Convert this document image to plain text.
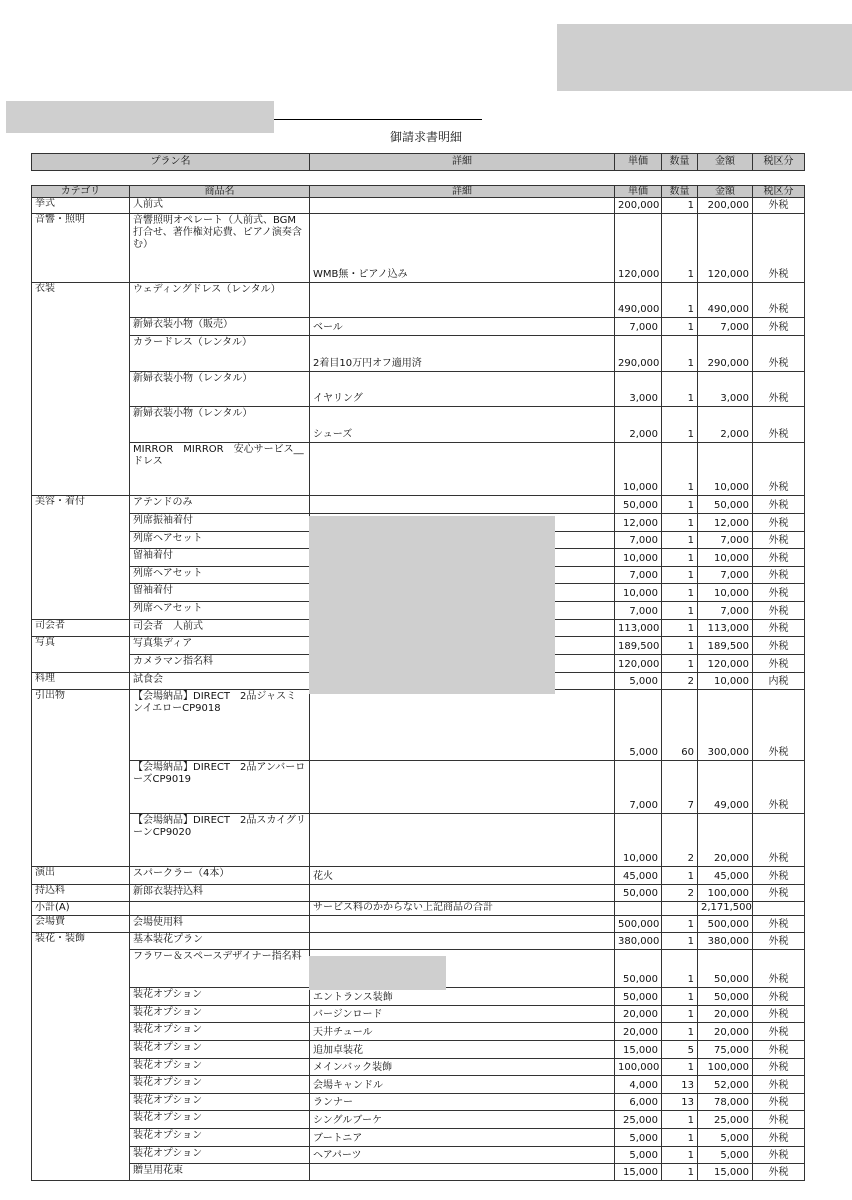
御請求書明細
プラン名	詳細	単価	数量	金額	税区分
カテゴリ	商品名	詳細	単価	数量	金額	税区分
挙式	人前式		200,000	1	200,000	外税
音響・照明	音響照明オペレート（人前式、BGM打合せ、著作権対応費、ピアノ演奏含む）	WMB無・ピアノ込み	120,000	1	120,000	外税
衣装	ウェディングドレス（レンタル）		490,000	1	490,000	外税
	新婦衣装小物（販売）	ベール	7,000	1	7,000	外税
	カラードレス（レンタル）	2着目10万円オフ適用済	290,000	1	290,000	外税
	新婦衣装小物（レンタル）	イヤリング	3,000	1	3,000	外税
	新婦衣装小物（レンタル）	シューズ	2,000	1	2,000	外税
	MIRROR　MIRROR　安心サービス__ドレス		10,000	1	10,000	外税
美容・着付	アテンドのみ		50,000	1	50,000	外税
	列席振袖着付		12,000	1	12,000	外税
	列席ヘアセット		7,000	1	7,000	外税
	留袖着付		10,000	1	10,000	外税
	列席ヘアセット		7,000	1	7,000	外税
	留袖着付		10,000	1	10,000	外税
	列席ヘアセット		7,000	1	7,000	外税
司会者	司会者　人前式		113,000	1	113,000	外税
写真	写真集ディア		189,500	1	189,500	外税
	カメラマン指名料		120,000	1	120,000	外税
料理	試食会		5,000	2	10,000	内税
引出物	【会場納品】DIRECT　2品ジャスミンイエローCP9018		5,000	60	300,000	外税
	【会場納品】DIRECT　2品アンバーローズCP9019		7,000	7	49,000	外税
	【会場納品】DIRECT　2品スカイグリーンCP9020		10,000	2	20,000	外税
演出	スパークラー（4本）	花火	45,000	1	45,000	外税
持込料	新郎衣装持込料		50,000	2	100,000	外税
小計(A)		サービス料のかからない上記商品の合計			2,171,500	
会場費	会場使用料		500,000	1	500,000	外税
装花・装飾	基本装花プラン		380,000	1	380,000	外税
	フラワー＆スペースデザイナー指名料		50,000	1	50,000	外税
	装花オプション	エントランス装飾	50,000	1	50,000	外税
	装花オプション	バージンロード	20,000	1	20,000	外税
	装花オプション	天井チュール	20,000	1	20,000	外税
	装花オプション	追加卓装花	15,000	5	75,000	外税
	装花オプション	メインバック装飾	100,000	1	100,000	外税
	装花オプション	会場キャンドル	4,000	13	52,000	外税
	装花オプション	ランナー	6,000	13	78,000	外税
	装花オプション	シングルブーケ	25,000	1	25,000	外税
	装花オプション	ブートニア	5,000	1	5,000	外税
	装花オプション	ヘアパーツ	5,000	1	5,000	外税
	贈呈用花束		15,000	1	15,000	外税
